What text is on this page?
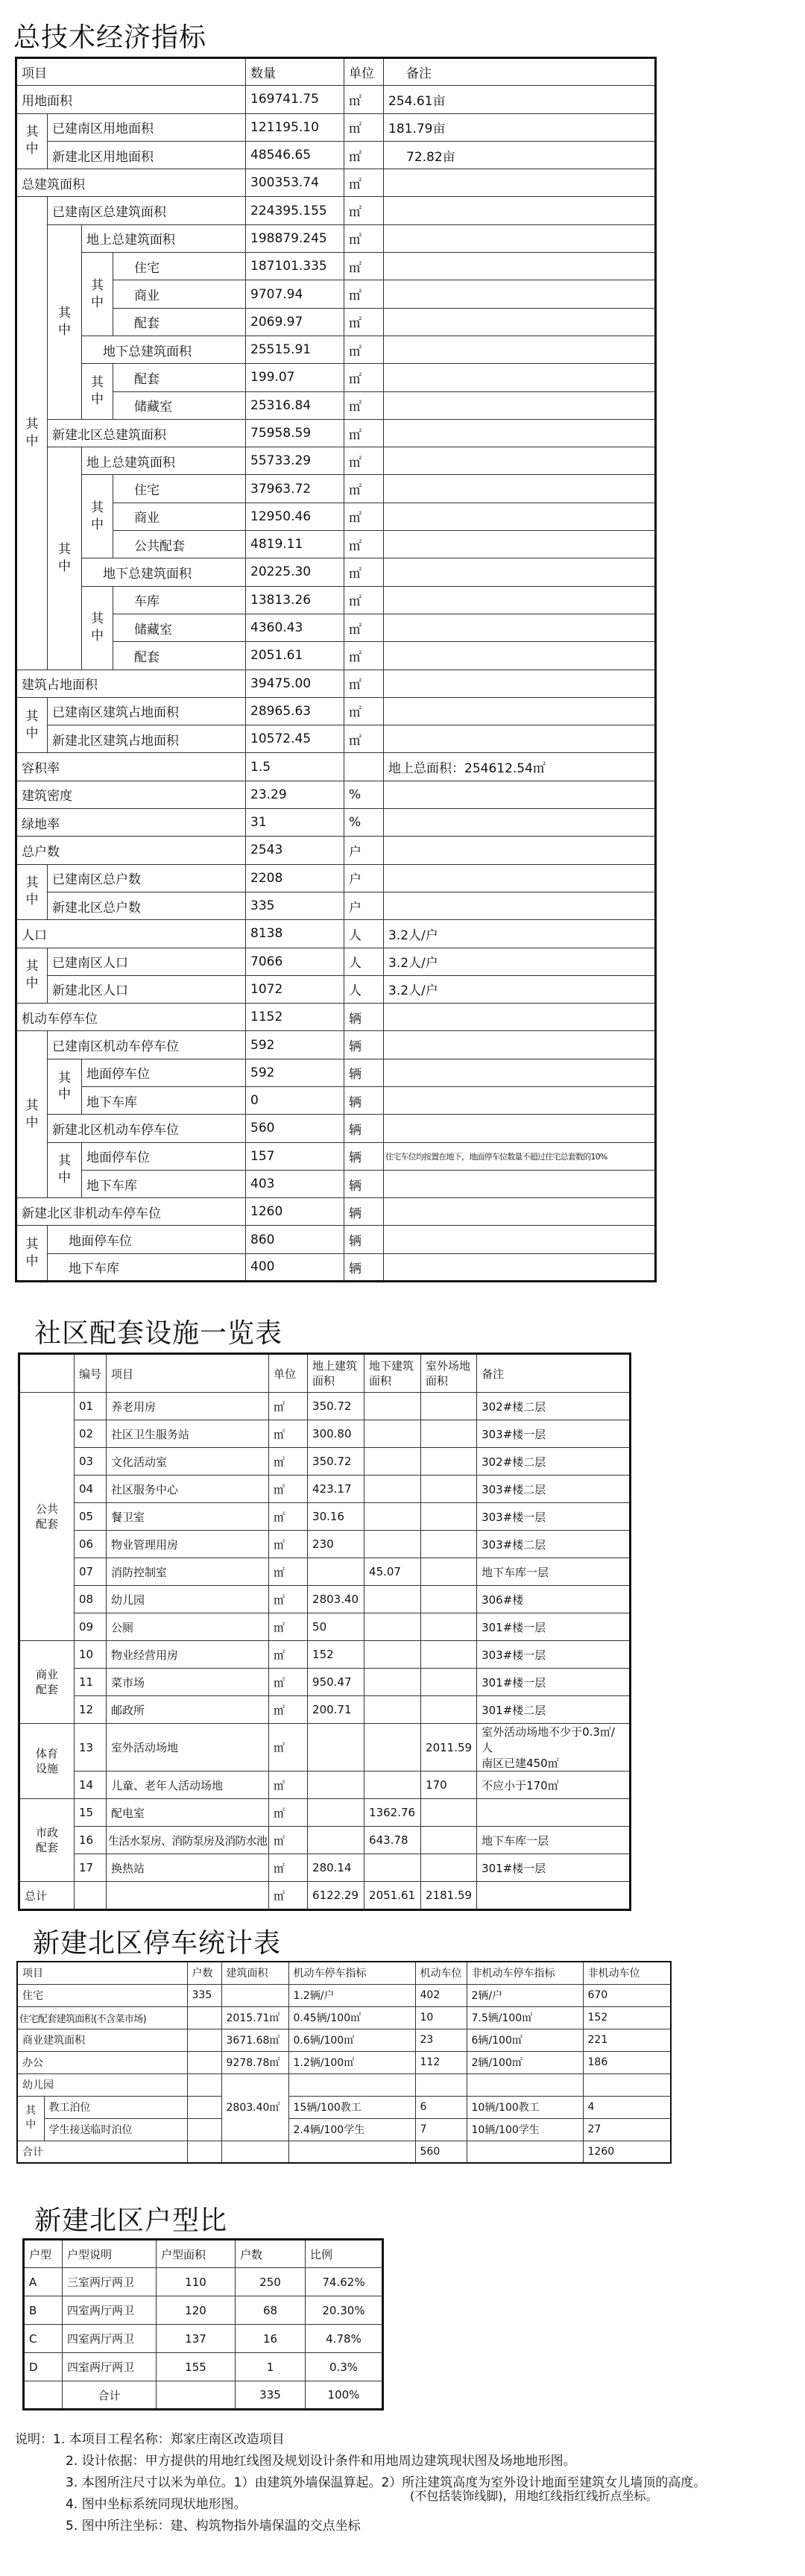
总技术经济指标
项目				数量	单位	备注
用地面积				169741.75	㎡	254.61亩
其中	已建南区用地面积			121195.10	㎡	181.79亩
	新建北区用地面积			48546.65	㎡	72.82亩
总建筑面积				300353.74	㎡	
其中	已建南区总建筑面积			224395.155	㎡	
	其中	地上总建筑面积		198879.245	㎡	
		其中	住宅	187101.335	㎡	
			商业	9707.94	㎡	
			配套	2069.97	㎡	
		地下总建筑面积		25515.91	㎡	
		其中	配套	199.07	㎡	
			储藏室	25316.84	㎡	
	新建北区总建筑面积			75958.59	㎡	
	其中	地上总建筑面积		55733.29	㎡	
		其中	住宅	37963.72	㎡	
			商业	12950.46	㎡	
			公共配套	4819.11	㎡	
		地下总建筑面积		20225.30	㎡	
		其中	车库	13813.26	㎡	
			储藏室	4360.43	㎡	
			配套	2051.61	㎡	
建筑占地面积				39475.00	㎡	
其中	已建南区建筑占地面积			28965.63	㎡	
	新建北区建筑占地面积			10572.45	㎡	
容积率				1.5		地上总面积：254612.54㎡
建筑密度				23.29	%	
绿地率				31	%	
总户数				2543	户	
其中	已建南区总户数			2208	户	
	新建北区总户数			335	户	
人口				8138	人	3.2人/户
其中	已建南区人口			7066	人	3.2人/户
	新建北区人口			1072	人	3.2人/户
机动车停车位				1152	辆	
其中	已建南区机动车停车位			592	辆	
	其中	地面停车位		592	辆	
		地下车库		0	辆	
	新建北区机动车停车位			560	辆	
	其中	地面停车位		157	辆	住宅车位均按置在地下，地面停车位数量不超过住宅总套数的10%
		地下车库		403	辆	
新建北区非机动车停车位				1260	辆	
其中	地面停车位			860	辆	
	地下车库			400	辆	
社区配套设施一览表
	编号	项目	单位	地上建筑面积	地下建筑面积	室外场地面积	备注
公共配套	01	养老用房	㎡	350.72			302#楼二层

	02	社区卫生服务站	㎡	300.80			303#楼一层

	03	文化活动室	㎡	350.72			302#楼二层

	04	社区服务中心	㎡	423.17			303#楼二层

	05	餐卫室	㎡	30.16			303#楼一层

	06	物业管理用房	㎡	230			303#楼二层

	07	消防控制室	㎡		45.07		地下车库一层

	08	幼儿园	㎡	2803.40			306#楼

	09	公厕	㎡	50			301#楼一层

商业配套	10	物业经营用房	㎡	152			303#楼一层

	11	菜市场	㎡	950.47			301#楼一层

	12	邮政所	㎡	200.71			301#楼二层

体育设施	13	室外活动场地	㎡			2011.59	室外活动场地不少于0.3㎡/人
南区已建450㎡

	14	儿童、老年人活动场地	㎡			170	不应小于170㎡

市政配套	15	配电室	㎡		1362.76		

	16	生活水泵房、消防泵房及消防水池	㎡		643.78		地下车库一层

	17	换热站	㎡	280.14			301#楼一层

总计			㎡	6122.29	2051.61	2181.59	
新建北区停车统计表
项目		户数	建筑面积	机动车停车指标	机动车位	非机动车停车指标	非机动车位
住宅		335		1.2辆/户	402	2辆/户	670
住宅配套建筑面积(不含菜市场)			2015.71㎡	0.45辆/100㎡	10	7.5辆/100㎡	152
商业建筑面积			3671.68㎡	0.6辆/100㎡	23	6辆/100㎡	221
办公			9278.78㎡	1.2辆/100㎡	112	2辆/100㎡	186
幼儿园			2803.40㎡				
其中	教工泊位			15辆/100教工	6	10辆/100教工	4
	学生接送临时泊位			2.4辆/100学生	7	10辆/100学生	27
合计					560		1260
新建北区户型比
户型	户型说明	户型面积	户数	比例
A	三室两厅两卫	110	250	74.62%
B	四室两厅两卫	120	68	20.30%
C	四室两厅两卫	137	16	4.78%
D	四室两厅两卫	155	1	0.3%
	合计		335	100%
说明：1. 本项目工程名称：郑家庄南区改造项目
2. 设计依据：甲方提供的用地红线图及规划设计条件和用地周边建筑现状图及场地地形图。
3. 本图所注尺寸以米为单位。1）由建筑外墙保温算起。2）所注建筑高度为室外设计地面至建筑女儿墙顶的高度。
4. 图中坐标系统同现状地形图。
(不包括装饰线脚)，用地红线指红线折点坐标。
5. 图中所注坐标：建、构筑物指外墙保温的交点坐标
